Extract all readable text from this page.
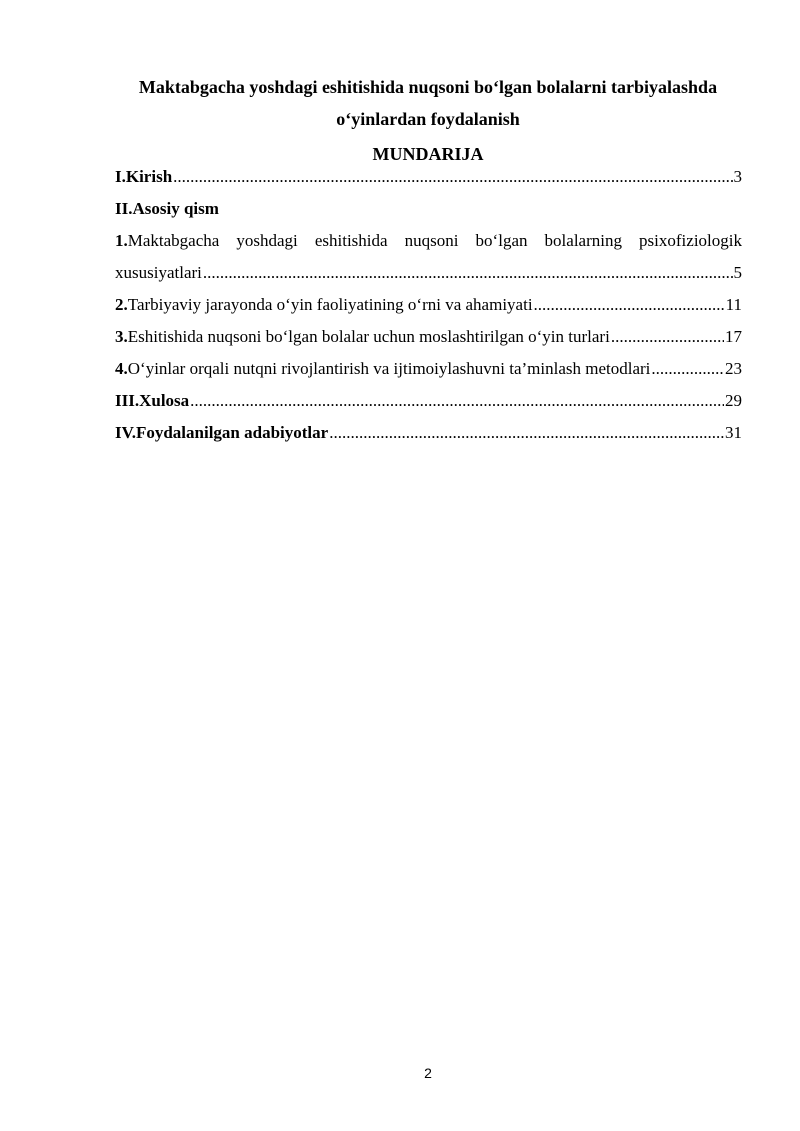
Maktabgacha yoshdagi eshitishida nuqsoni bo‘lgan bolalarni tarbiyalashda
o‘yinlardan foydalanish
MUNDARIJA
I.Kirish .....	3
II.Asosiy qism
1.Maktabgacha yoshdagi eshitishida nuqsoni bo‘lgan bolalarning psixofiziologik
xususiyatlari .....	5
2. Tarbiyaviy jarayonda o‘yin faoliyatining o‘rni va ahamiyati .....	11
3. Eshitishida nuqsoni bo‘lgan bolalar uchun moslashtirilgan o‘yin turlari .....	17
4. O‘yinlar orqali nutqni rivojlantirish va ijtimoiylashuvni ta’minlash metodlari .....	23
III.Xulosa .....	29
IV.Foydalanilgan adabiyotlar .....	31
2
